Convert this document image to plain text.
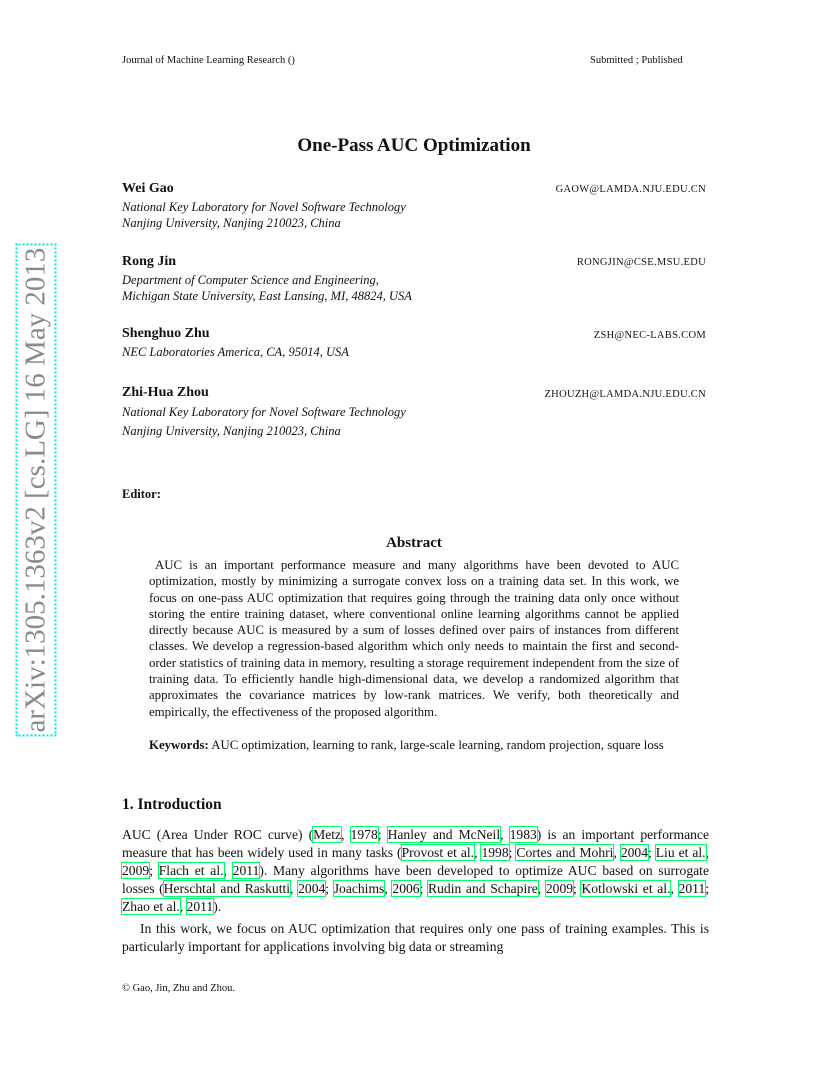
Journal of Machine Learning Research ()	Submitted ; Published
arXiv:1305.1363v2 [cs.LG] 16 May 2013
One-Pass AUC Optimization
Wei Gao	GAOW@LAMDA.NJU.EDU.CN
National Key Laboratory for Novel Software Technology
Nanjing University, Nanjing 210023, China
Rong Jin	RONGJIN@CSE.MSU.EDU
Department of Computer Science and Engineering,
Michigan State University, East Lansing, MI, 48824, USA
Shenghuo Zhu	ZSH@NEC-LABS.COM
NEC Laboratories America, CA, 95014, USA
Zhi-Hua Zhou	ZHOUZH@LAMDA.NJU.EDU.CN
National Key Laboratory for Novel Software Technology
Nanjing University, Nanjing 210023, China
Editor:
Abstract
AUC is an important performance measure and many algorithms have been devoted to AUC optimization, mostly by minimizing a surrogate convex loss on a training data set. In this work, we focus on one-pass AUC optimization that requires going through the training data only once without storing the entire training dataset, where conventional online learning algorithms cannot be applied directly because AUC is measured by a sum of losses defined over pairs of instances from different classes. We develop a regression-based algorithm which only needs to maintain the first and second-order statistics of training data in memory, resulting a storage requirement independent from the size of training data. To efficiently handle high-dimensional data, we develop a randomized algorithm that approximates the covariance matrices by low-rank matrices. We verify, both theoretically and empirically, the effectiveness of the proposed algorithm.
Keywords: AUC optimization, learning to rank, large-scale learning, random projection, square loss
1. Introduction
AUC (Area Under ROC curve) (Metz, 1978; Hanley and McNeil, 1983) is an important performance measure that has been widely used in many tasks (Provost et al., 1998; Cortes and Mohri, 2004; Liu et al., 2009; Flach et al., 2011). Many algorithms have been developed to optimize AUC based on surrogate losses (Herschtal and Raskutti, 2004; Joachims, 2006; Rudin and Schapire, 2009; Kotlowski et al., 2011; Zhao et al., 2011).
In this work, we focus on AUC optimization that requires only one pass of training examples. This is particularly important for applications involving big data or streaming
© Gao, Jin, Zhu and Zhou.
